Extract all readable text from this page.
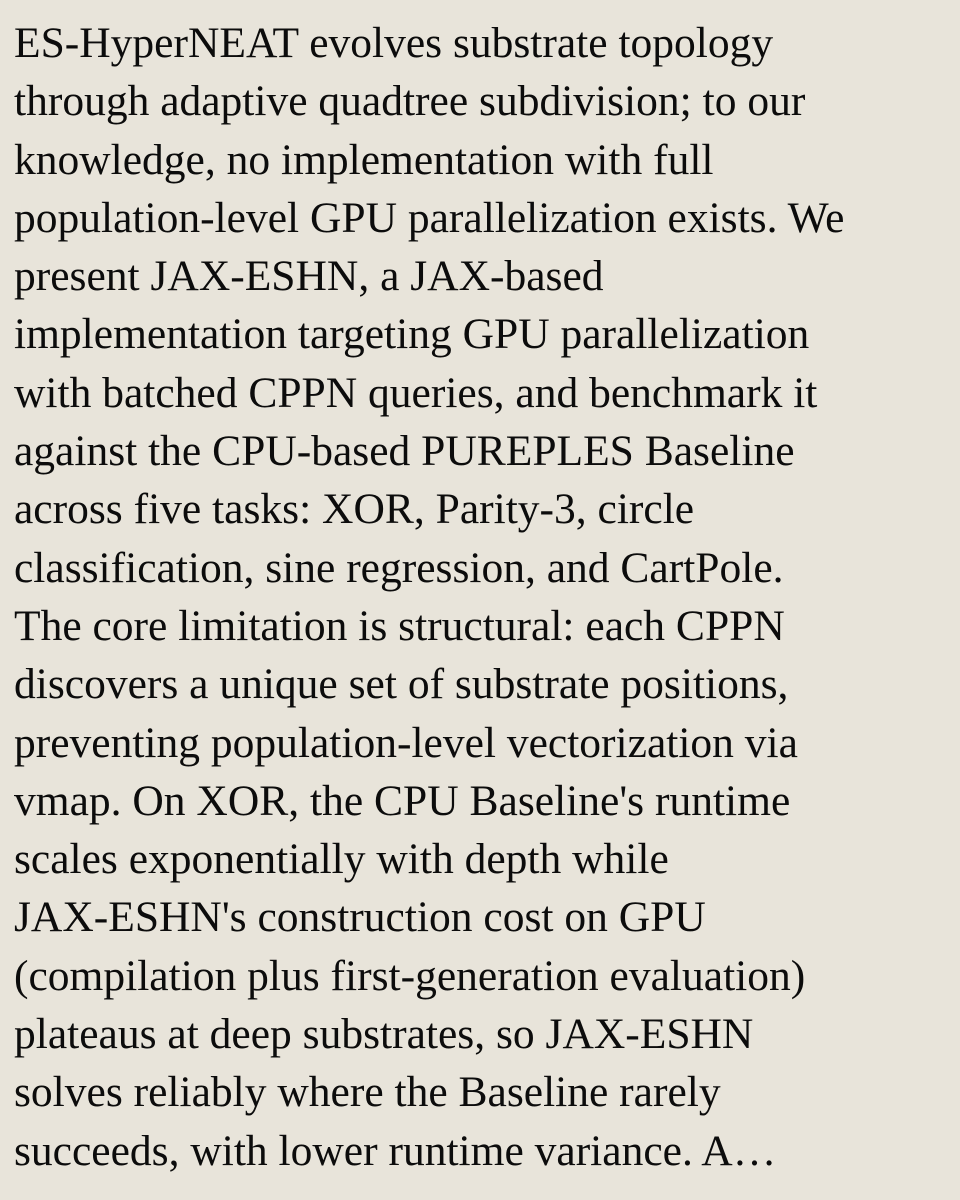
ES-HyperNEAT evolves substrate topology
through adaptive quadtree subdivision; to our
knowledge, no implementation with full
population-level GPU parallelization exists. We
present JAX-ESHN, a JAX-based
implementation targeting GPU parallelization
with batched CPPN queries, and benchmark it
against the CPU-based PUREPLES Baseline
across five tasks: XOR, Parity-3, circle
classification, sine regression, and CartPole.
The core limitation is structural: each CPPN
discovers a unique set of substrate positions,
preventing population-level vectorization via
vmap. On XOR, the CPU Baseline's runtime
scales exponentially with depth while
JAX-ESHN's construction cost on GPU
(compilation plus first-generation evaluation)
plateaus at deep substrates, so JAX-ESHN
solves reliably where the Baseline rarely
succeeds, with lower runtime variance. A…
